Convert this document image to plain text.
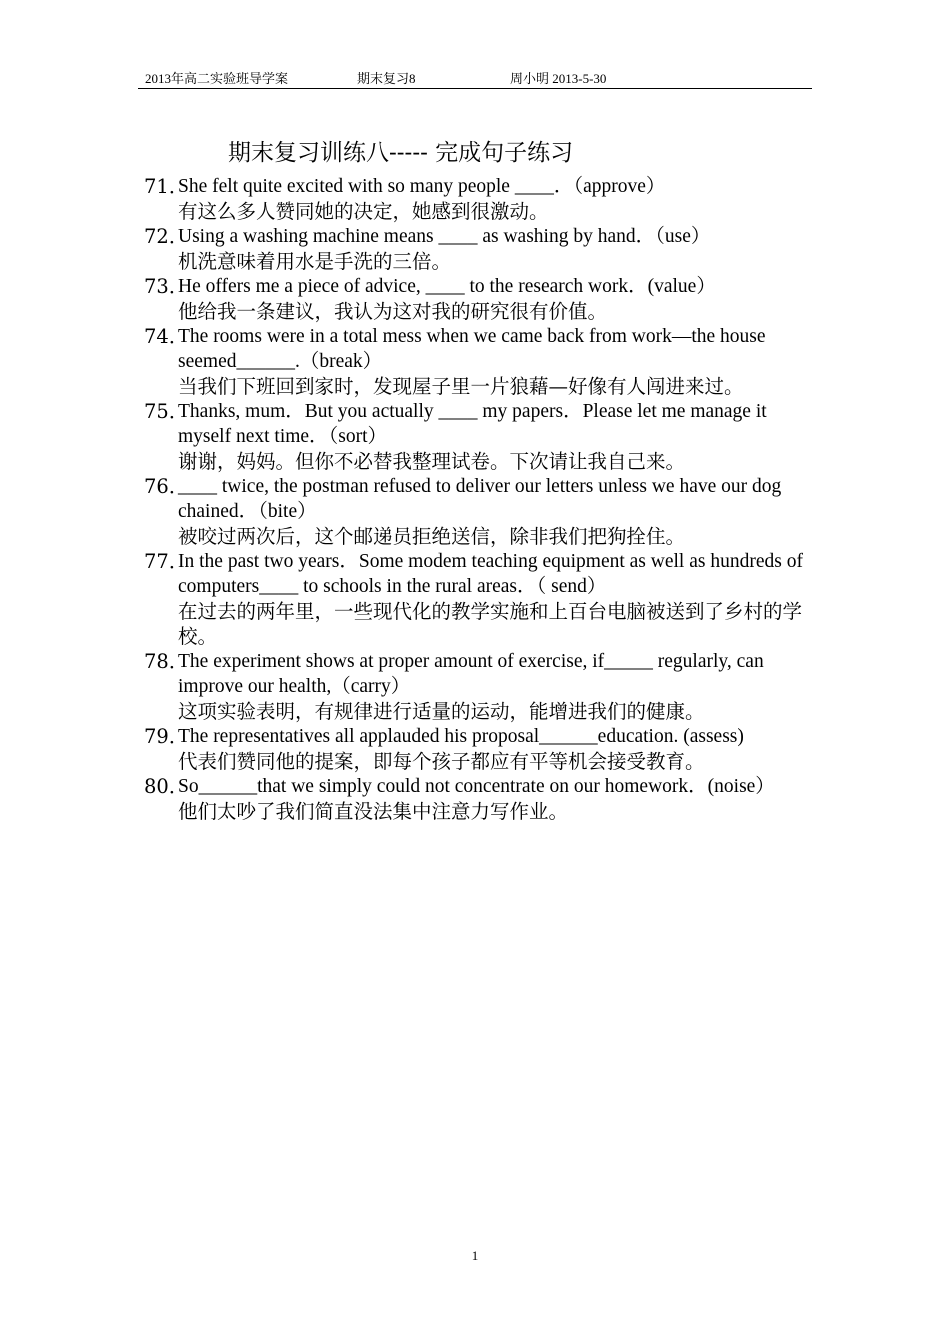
2013年高二实验班导学案	期末复习8	周小明 2013-5-30
期末复习训练八----- 完成句子练习
71．
She felt quite excited with so many people ____．（approve）
有这么多人赞同她的决定，她感到很激动。
72．
Using a washing machine means ____ as washing by hand．（use）
机洗意味着用水是手洗的三倍。
73．
He offers me a piece of advice, ____ to the research work．(value）
他给我一条建议，我认为这对我的研究很有价值。
74．
The rooms were in a total mess when we came back from work—the house seemed______.（break）
当我们下班回到家时，发现屋子里一片狼藉—好像有人闯进来过。
75．
Thanks, mum．But you actually ____ my papers．Please let me manage it myself next time．（sort）
谢谢，妈妈。但你不必替我整理试卷。下次请让我自己来。
76．
____ twice, the postman refused to deliver our letters unless we have our dog chained．（bite）
被咬过两次后，这个邮递员拒绝送信，除非我们把狗拴住。
77．
In the past two years．Some modem teaching equipment as well as hundreds of computers____ to schools in the rural areas．（ send）
在过去的两年里，一些现代化的教学实施和上百台电脑被送到了乡村的学校。
78．
The experiment shows at proper amount of exercise, if_____ regularly, can improve our health,（carry）
这项实验表明，有规律进行适量的运动，能增进我们的健康。
79．
The representatives all applauded his proposal______education. (assess)
代表们赞同他的提案，即每个孩子都应有平等机会接受教育。
80．
So______that we simply could not concentrate on our homework．(noise）
他们太吵了我们简直没法集中注意力写作业。
1
